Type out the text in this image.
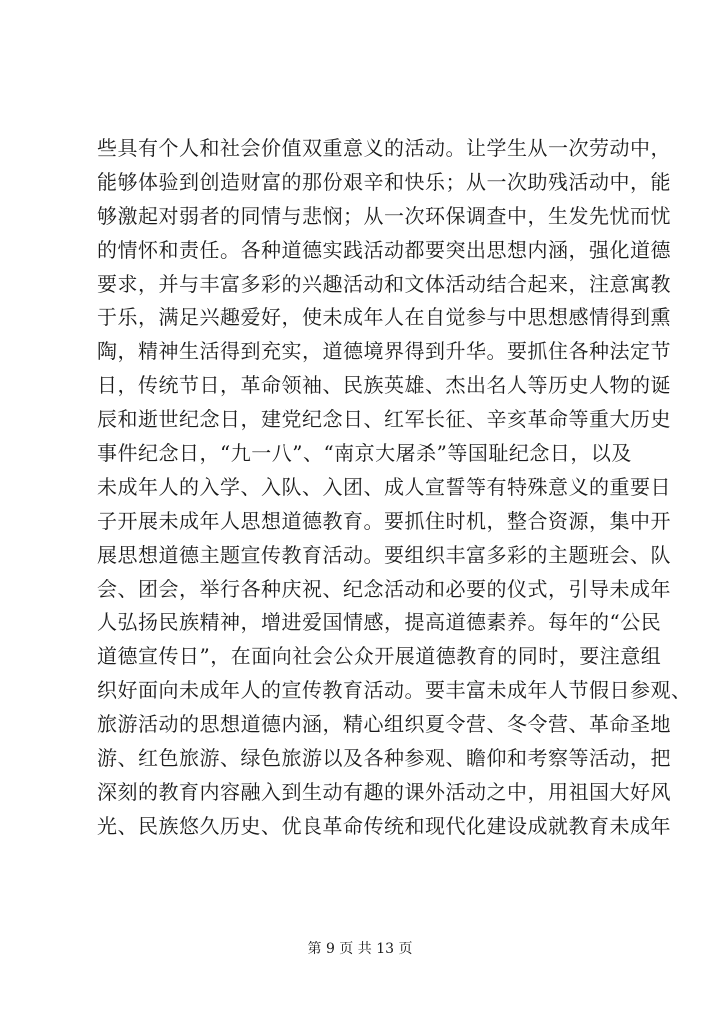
些具有个人和社会价值双重意义的活动。让学生从一次劳动中，
能够体验到创造财富的那份艰辛和快乐；从一次助残活动中，能
够激起对弱者的同情与悲悯；从一次环保调查中，生发先忧而忧
的情怀和责任。各种道德实践活动都要突出思想内涵，强化道德
要求，并与丰富多彩的兴趣活动和文体活动结合起来，注意寓教
于乐，满足兴趣爱好，使未成年人在自觉参与中思想感情得到熏
陶，精神生活得到充实，道德境界得到升华。要抓住各种法定节
日，传统节日，革命领袖、民族英雄、杰出名人等历史人物的诞
辰和逝世纪念日，建党纪念日、红军长征、辛亥革命等重大历史
事件纪念日，“九一八”、“南京大屠杀”等国耻纪念日，以及
未成年人的入学、入队、入团、成人宣誓等有特殊意义的重要日
子开展未成年人思想道德教育。要抓住时机，整合资源，集中开
展思想道德主题宣传教育活动。要组织丰富多彩的主题班会、队
会、团会，举行各种庆祝、纪念活动和必要的仪式，引导未成年
人弘扬民族精神，增进爱国情感，提高道德素养。每年的“公民
道德宣传日”，在面向社会公众开展道德教育的同时，要注意组
织好面向未成年人的宣传教育活动。要丰富未成年人节假日参观、
旅游活动的思想道德内涵，精心组织夏令营、冬令营、革命圣地
游、红色旅游、绿色旅游以及各种参观、瞻仰和考察等活动，把
深刻的教育内容融入到生动有趣的课外活动之中，用祖国大好风
光、民族悠久历史、优良革命传统和现代化建设成就教育未成年
第 9 页 共 13 页
